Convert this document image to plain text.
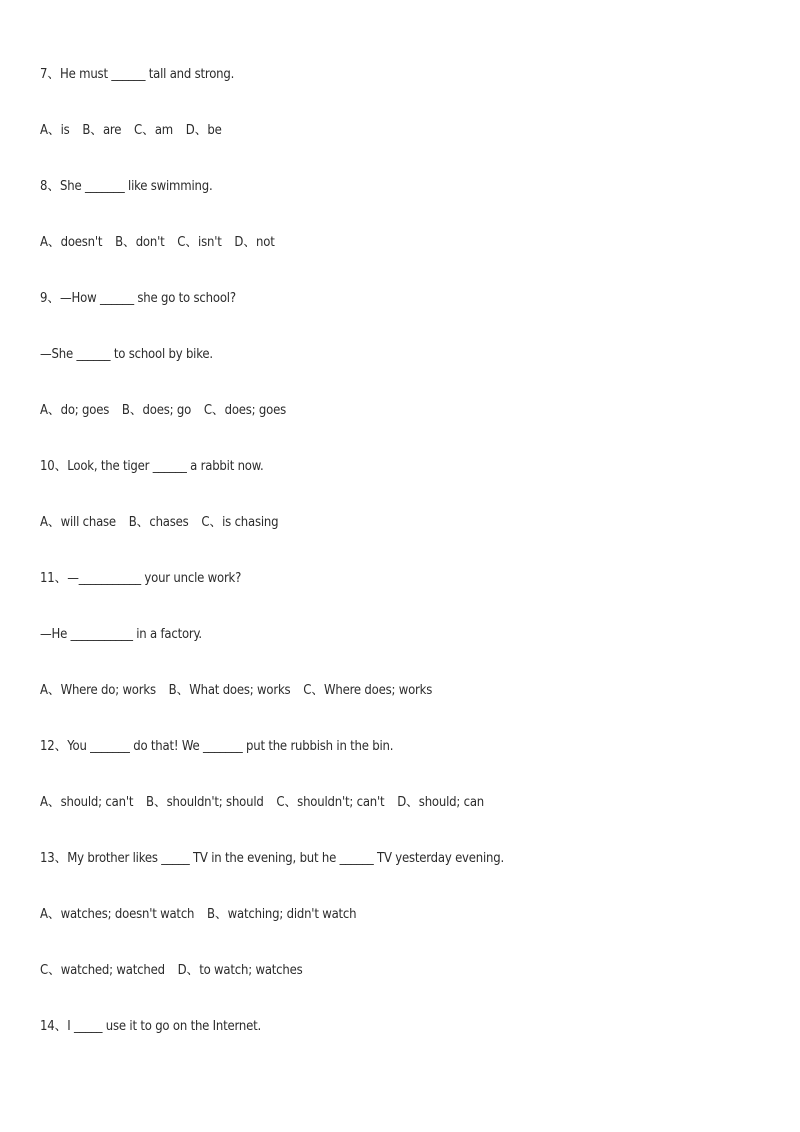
7、He must ______ tall and strong.

A、is　B、are　C、am　D、be

8、She _______ like swimming.

A、doesn't　B、don't　C、isn't　D、not

9、—How ______ she go to school?

—She ______ to school by bike.

A、do; goes　B、does; go　C、does; goes

10、Look, the tiger ______ a rabbit now.

A、will chase　B、chases　C、is chasing

11、—___________ your uncle work?

—He ___________ in a factory.

A、Where do; works　B、What does; works　C、Where does; works

12、You _______ do that! We _______ put the rubbish in the bin.

A、should; can't　B、shouldn't; should　C、shouldn't; can't　D、should; can

13、My brother likes _____ TV in the evening, but he ______ TV yesterday evening.

A、watches; doesn't watch　B、watching; didn't watch

C、watched; watched　D、to watch; watches

14、I _____ use it to go on the Internet.
